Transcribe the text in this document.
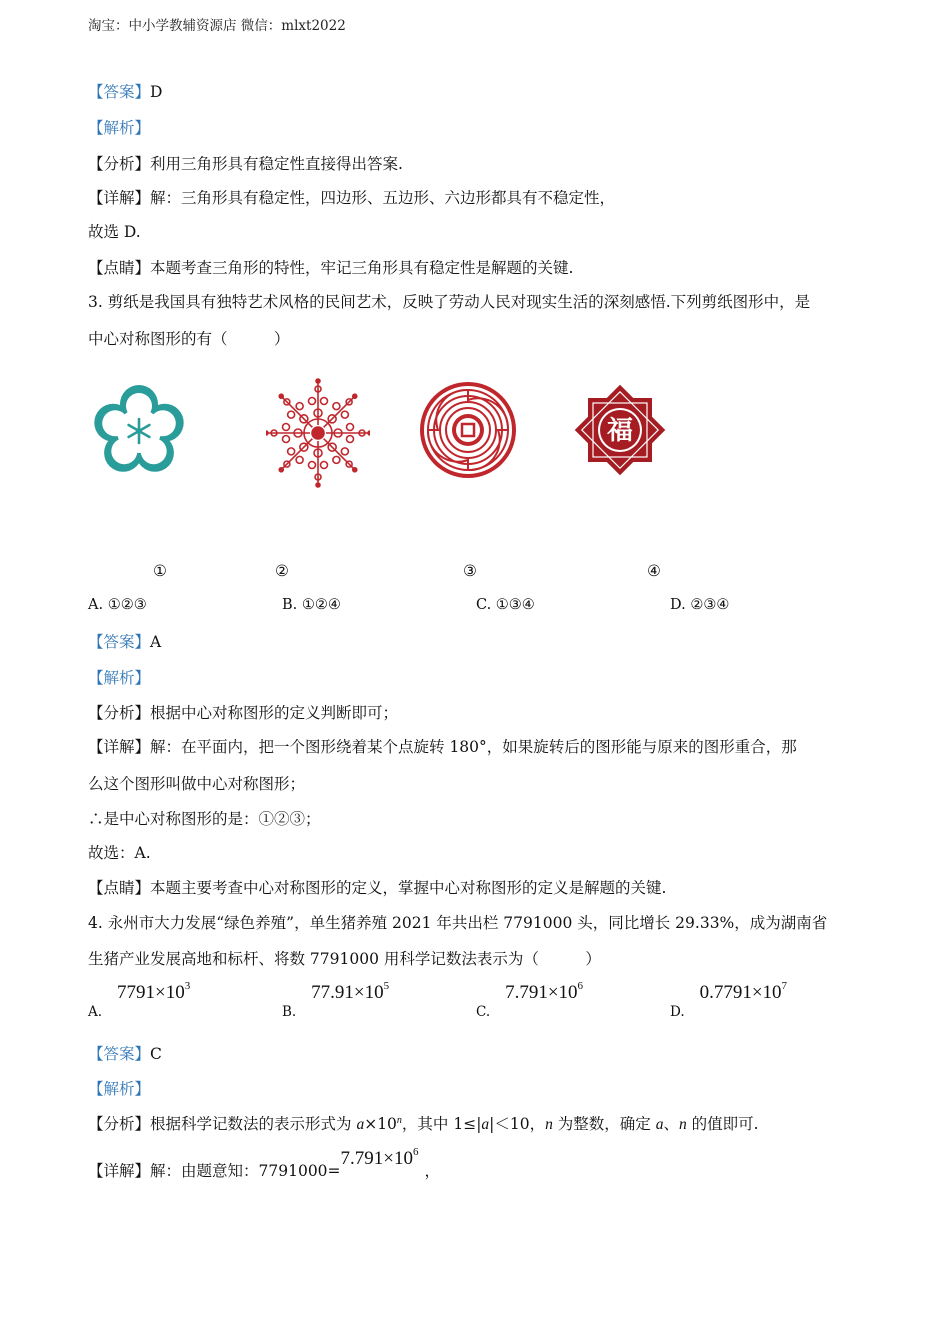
淘宝：中小学教辅资源店 微信：mlxt2022
【答案】D
【解析】
【分析】利用三角形具有稳定性直接得出答案.
【详解】解：三角形具有稳定性，四边形、五边形、六边形都具有不稳定性，
故选 D.
【点睛】本题考查三角形的特性，牢记三角形具有稳定性是解题的关键.
3. 剪纸是我国具有独特艺术风格的民间艺术，反映了劳动人民对现实生活的深刻感悟.下列剪纸图形中，是
中心对称图形的有（　　　）
福
①	②	③	④
A. ①②③	B. ①②④	C. ①③④	D. ②③④
【答案】A
【解析】
【分析】根据中心对称图形的定义判断即可；
【详解】解：在平面内，把一个图形绕着某个点旋转 180°，如果旋转后的图形能与原来的图形重合，那
么这个图形叫做中心对称图形；
∴是中心对称图形的是：①②③；
故选：A.
【点睛】本题主要考查中心对称图形的定义，掌握中心对称图形的定义是解题的关键.
4. 永州市大力发展“绿色养殖”，单生猪养殖 2021 年共出栏 7791000 头，同比增长 29.33%，成为湖南省
生猪产业发展高地和标杆、将数 7791000 用科学记数法表示为（　　　）
A. $7791\times 10^3$
B. $77.91\times 10^5$
C. $7.791\times 10^6$
D. $0.7791\times 10^7$
【答案】C
【解析】
【分析】根据科学记数法的表示形式为 $a\times 10^n$，其中 1≤|a|＜10，n 为整数，确定 a、n 的值即可.
【详解】解：由题意知：$7791000=7.791\times 10^6$，
